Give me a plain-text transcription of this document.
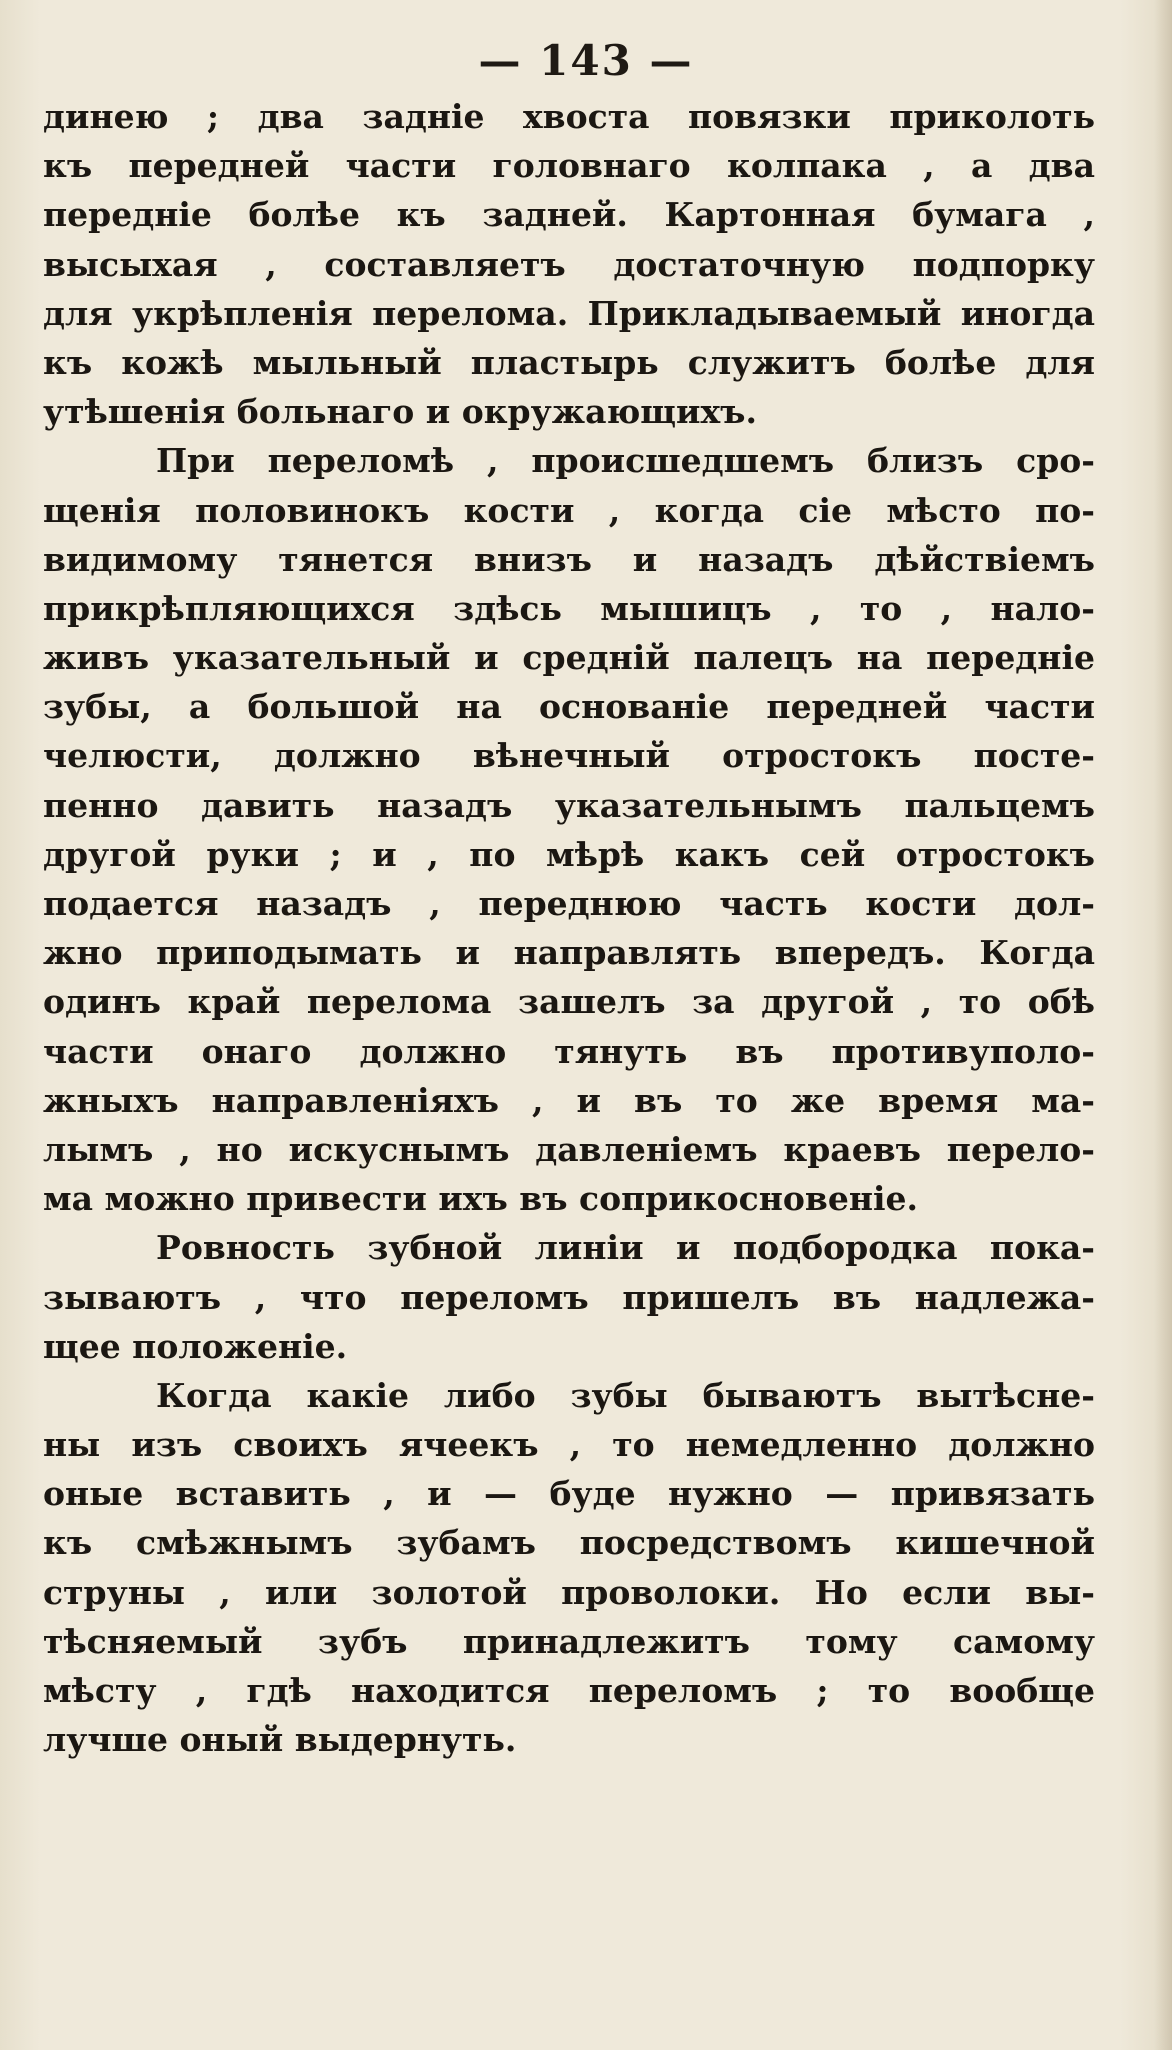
— 143 —
динею ; два задніе хвоста повязки приколоть
къ передней части головнаго колпака , а два
передніе болѣе къ задней. Картонная бумага ,
высыхая , составляетъ достаточную подпорку
для укрѣпленія перелома. Прикладываемый иногда
къ кожѣ мыльный пластырь служитъ болѣе для
утѣшенія больнаго и окружающихъ.
При переломѣ , происшедшемъ близъ сро-
щенія половинокъ кости , когда сіе мѣсто по-
видимому тянется внизъ и назадъ дѣйствіемъ
прикрѣпляющихся здѣсь мышицъ , то , нало-
живъ указательный и средній палецъ на передніе
зубы, а большой на основаніе передней части
челюсти, должно вѣнечный отростокъ посте-
пенно давить назадъ указательнымъ пальцемъ
другой руки ; и , по мѣрѣ какъ сей отростокъ
подается назадъ , переднюю часть кости дол-
жно приподымать и направлять впередъ. Когда
одинъ край перелома зашелъ за другой , то обѣ
части онаго должно тянуть въ противуполо-
жныхъ направленіяхъ , и въ то же время ма-
лымъ , но искуснымъ давленіемъ краевъ перело-
ма можно привести ихъ въ соприкосновеніе.
Ровность зубной линіи и подбородка пока-
зываютъ , что переломъ пришелъ въ надлежа-
щее положеніе.
Когда какіе либо зубы бываютъ вытѣсне-
ны изъ своихъ ячеекъ , то немедленно должно
оные вставить , и — буде нужно — привязать
къ смѣжнымъ зубамъ посредствомъ кишечной
струны , или золотой проволоки. Но если вы-
тѣсняемый зубъ принадлежитъ тому самому
мѣсту , гдѣ находится переломъ ; то вообще
лучше оный выдернуть.
